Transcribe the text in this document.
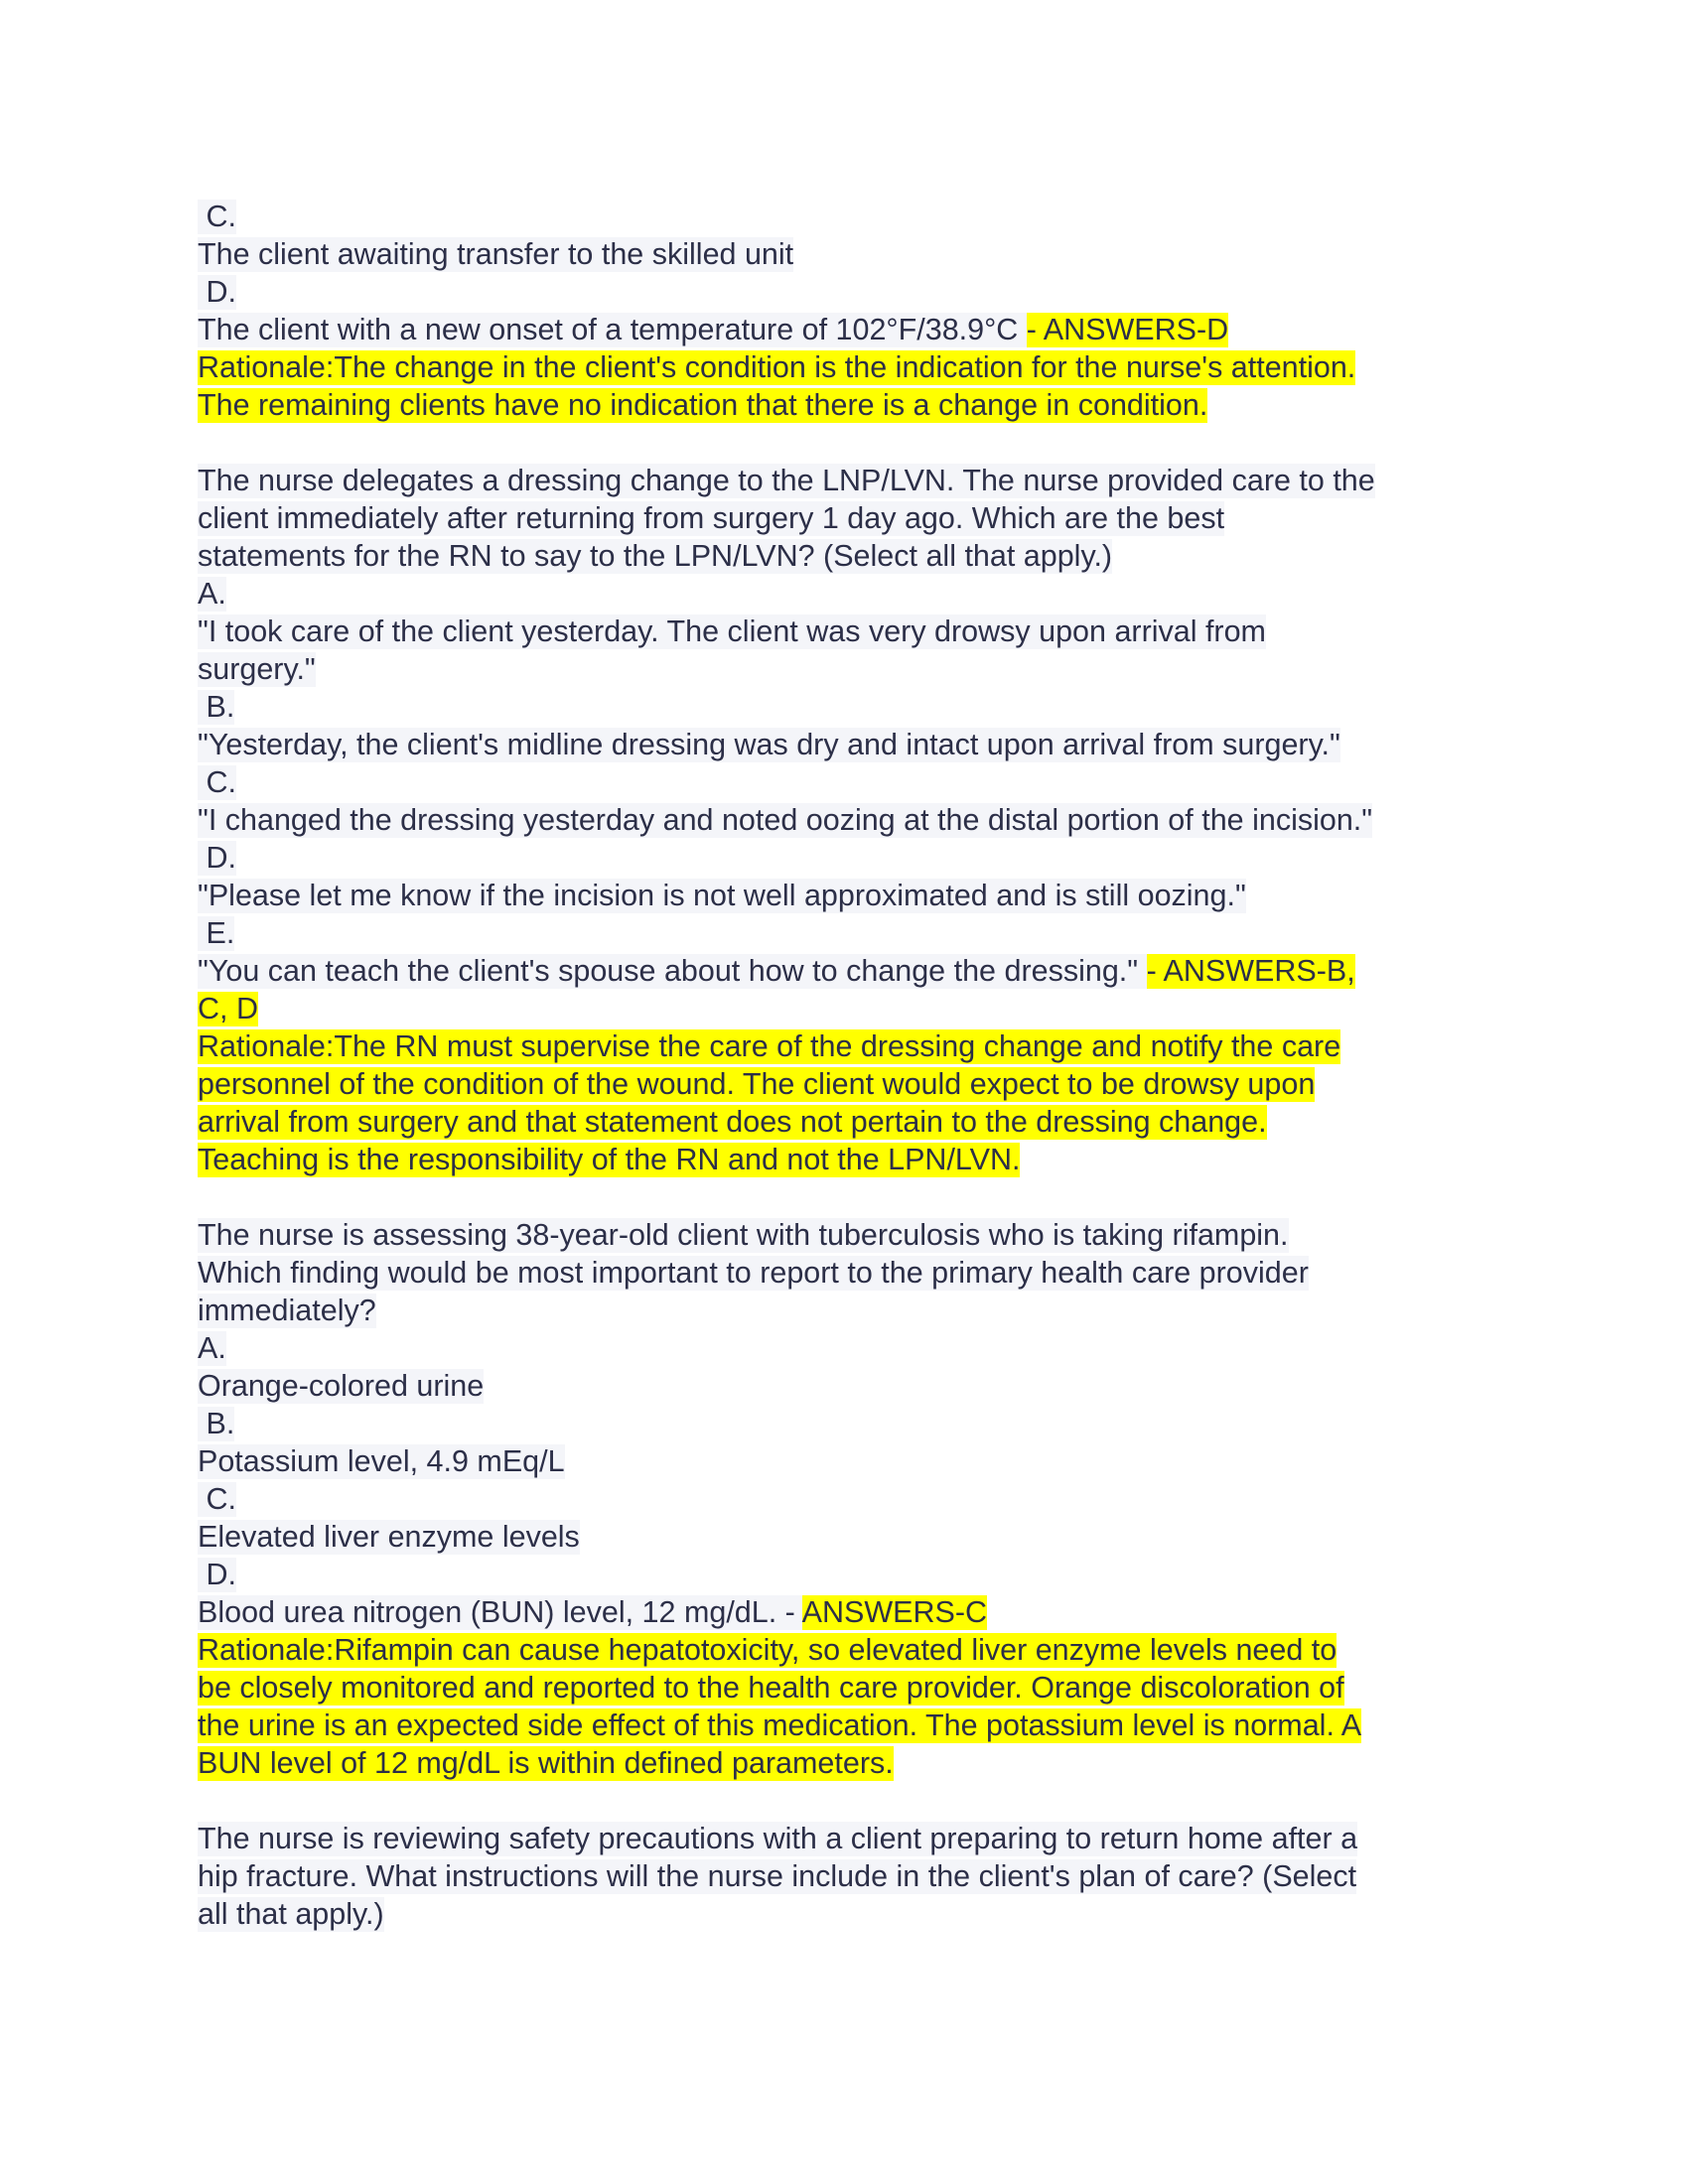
C.
The client awaiting transfer to the skilled unit
D.
The client with a new onset of a temperature of 102°F/38.9°C - ANSWERS-D
Rationale:The change in the client's condition is the indication for the nurse's attention.
The remaining clients have no indication that there is a change in condition.
The nurse delegates a dressing change to the LNP/LVN. The nurse provided care to the
client immediately after returning from surgery 1 day ago. Which are the best
statements for the RN to say to the LPN/LVN? (Select all that apply.)
A.
"I took care of the client yesterday. The client was very drowsy upon arrival from
surgery."
B.
"Yesterday, the client's midline dressing was dry and intact upon arrival from surgery."
C.
"I changed the dressing yesterday and noted oozing at the distal portion of the incision."
D.
"Please let me know if the incision is not well approximated and is still oozing."
E.
"You can teach the client's spouse about how to change the dressing." - ANSWERS-B,
C, D
Rationale:The RN must supervise the care of the dressing change and notify the care
personnel of the condition of the wound. The client would expect to be drowsy upon
arrival from surgery and that statement does not pertain to the dressing change.
Teaching is the responsibility of the RN and not the LPN/LVN.
The nurse is assessing 38-year-old client with tuberculosis who is taking rifampin.
Which finding would be most important to report to the primary health care provider
immediately?
A.
Orange-colored urine
B.
Potassium level, 4.9 mEq/L
C.
Elevated liver enzyme levels
D.
Blood urea nitrogen (BUN) level, 12 mg/dL. - ANSWERS-C
Rationale:Rifampin can cause hepatotoxicity, so elevated liver enzyme levels need to
be closely monitored and reported to the health care provider. Orange discoloration of
the urine is an expected side effect of this medication. The potassium level is normal. A
BUN level of 12 mg/dL is within defined parameters.
The nurse is reviewing safety precautions with a client preparing to return home after a
hip fracture. What instructions will the nurse include in the client's plan of care? (Select
all that apply.)
